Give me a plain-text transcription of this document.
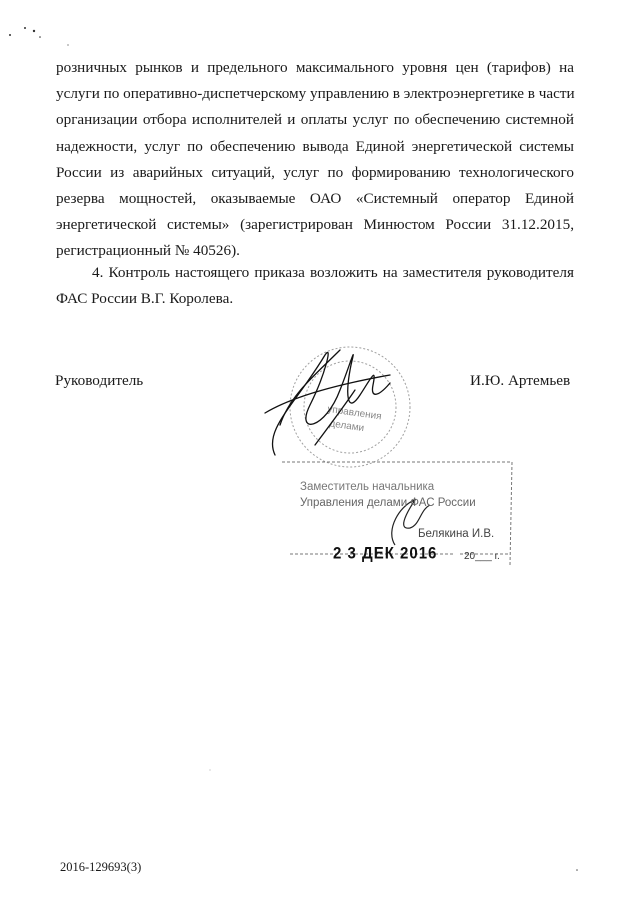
розничных рынков и предельного максимального уровня цен (тарифов) на
услуги по оперативно-диспетчерскому управлению в электроэнергетике в части
организации отбора исполнителей и оплаты услуг по обеспечению системной
надежности, услуг по обеспечению вывода Единой энергетической системы
России из аварийных ситуаций, услуг по формированию технологического
резерва мощностей, оказываемые ОАО «Системный оператор Единой
энергетической системы» (зарегистрирован Минюстом России 31.12.2015,
регистрационный № 40526).
4. Контроль настоящего приказа возложить на заместителя руководителя
ФАС России В.Г. Королева.
Руководитель	И.Ю. Артемьев
управления
делами
Заместитель начальника
Управления делами ФАС России
Белякина И.В.
2 3 ДЕК 2016	20___ г.
2016-129693(3)
